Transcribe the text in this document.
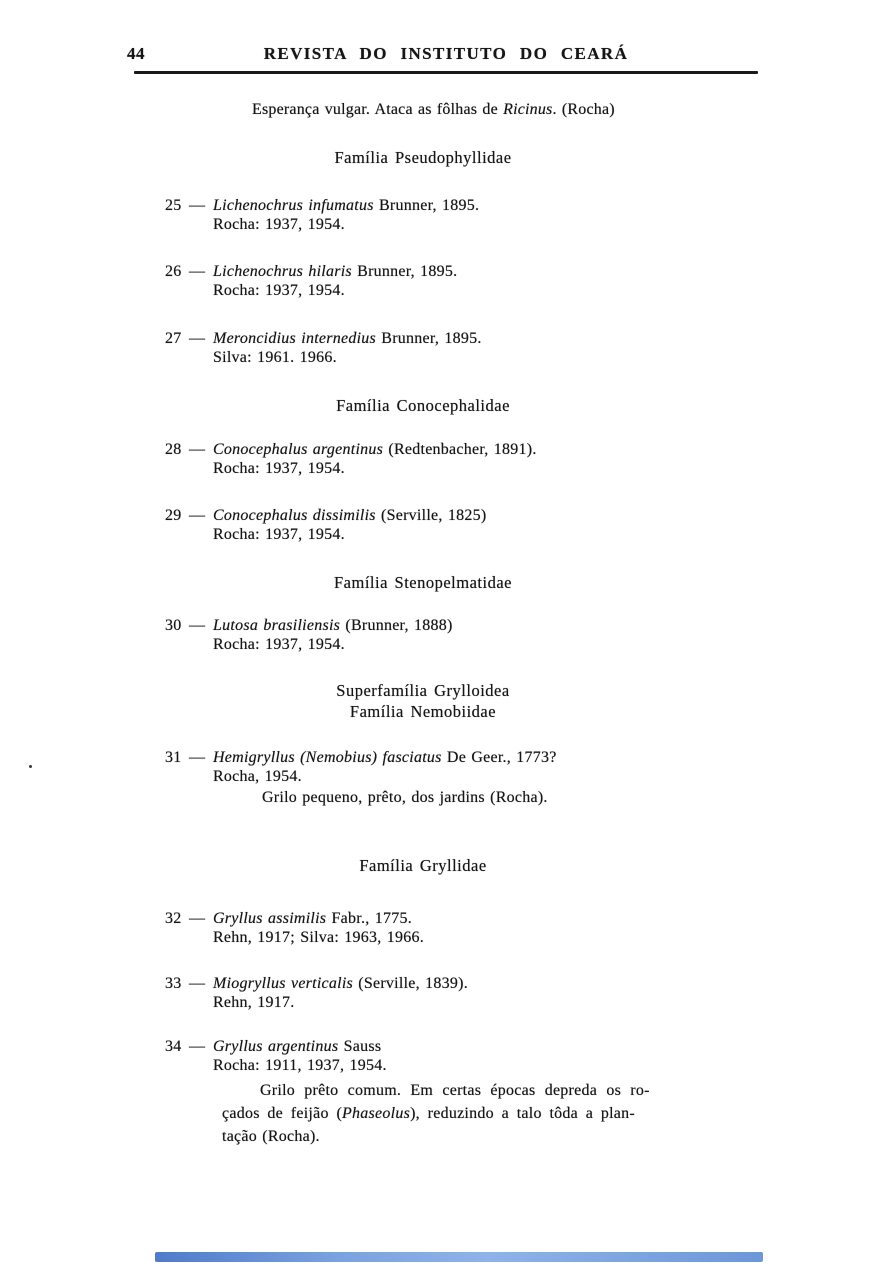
44	REVISTA DO INSTITUTO DO CEARÁ
Esperança vulgar. Ataca as fôlhas de Ricinus. (Rocha)
Família Pseudophyllidae
Família Conocephalidae
Família Stenopelmatidae
Superfamília Grylloidea
Família Nemobiidae
Família Gryllidae
25 — Lichenochrus infumatus Brunner, 1895.
Rocha: 1937, 1954.
26 — Lichenochrus hilaris Brunner, 1895.
Rocha: 1937, 1954.
27 — Meroncidius internedius Brunner, 1895.
Silva: 1961. 1966.
28 — Conocephalus argentinus (Redtenbacher, 1891).
Rocha: 1937, 1954.
29 — Conocephalus dissimilis (Serville, 1825)
Rocha: 1937, 1954.
30 — Lutosa brasiliensis (Brunner, 1888)
Rocha: 1937, 1954.
31 — Hemigryllus (Nemobius) fasciatus De Geer., 1773?
Rocha, 1954.
Grilo pequeno, prêto, dos jardins (Rocha).
32 — Gryllus assimilis Fabr., 1775.
Rehn, 1917; Silva: 1963, 1966.
33 — Miogryllus verticalis (Serville, 1839).
Rehn, 1917.
34 — Gryllus argentinus Sauss
Rocha: 1911, 1937, 1954.
Grilo prêto comum. Em certas épocas depreda os ro-
çados de feijão (Phaseolus), reduzindo a talo tôda a plan-
tação (Rocha).
